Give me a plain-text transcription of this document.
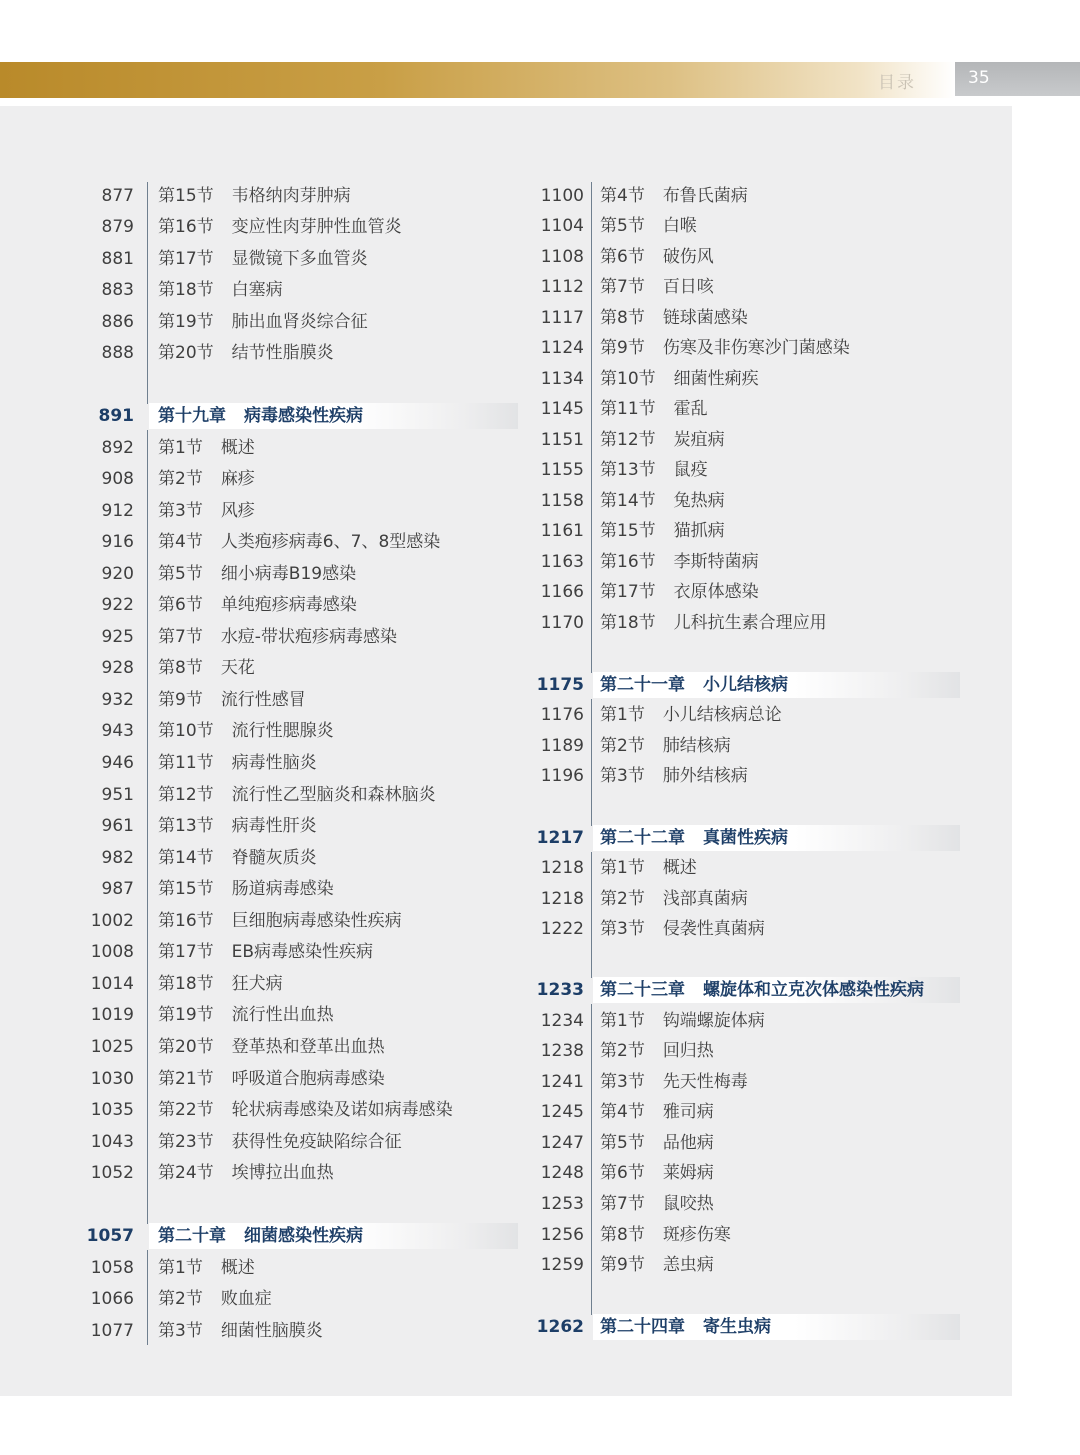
目录	35
877 第15节 韦格纳肉芽肿病
879 第16节 变应性肉芽肿性血管炎
881 第17节 显微镜下多血管炎
883 第18节 白塞病
886 第19节 肺出血肾炎综合征
888 第20节 结节性脂膜炎
891 第十九章 病毒感染性疾病
892 第1节 概述
908 第2节 麻疹
912 第3节 风疹
916 第4节 人类疱疹病毒6、7、8型感染
920 第5节 细小病毒B19感染
922 第6节 单纯疱疹病毒感染
925 第7节 水痘-带状疱疹病毒感染
928 第8节 天花
932 第9节 流行性感冒
943 第10节 流行性腮腺炎
946 第11节 病毒性脑炎
951 第12节 流行性乙型脑炎和森林脑炎
961 第13节 病毒性肝炎
982 第14节 脊髓灰质炎
987 第15节 肠道病毒感染
1002 第16节 巨细胞病毒感染性疾病
1008 第17节 EB病毒感染性疾病
1014 第18节 狂犬病
1019 第19节 流行性出血热
1025 第20节 登革热和登革出血热
1030 第21节 呼吸道合胞病毒感染
1035 第22节 轮状病毒感染及诺如病毒感染
1043 第23节 获得性免疫缺陷综合征
1052 第24节 埃博拉出血热
1057 第二十章 细菌感染性疾病
1058 第1节 概述
1066 第2节 败血症
1077 第3节 细菌性脑膜炎
1100 第4节 布鲁氏菌病
1104 第5节 白喉
1108 第6节 破伤风
1112 第7节 百日咳
1117 第8节 链球菌感染
1124 第9节 伤寒及非伤寒沙门菌感染
1134 第10节 细菌性痢疾
1145 第11节 霍乱
1151 第12节 炭疽病
1155 第13节 鼠疫
1158 第14节 兔热病
1161 第15节 猫抓病
1163 第16节 李斯特菌病
1166 第17节 衣原体感染
1170 第18节 儿科抗生素合理应用
1175 第二十一章 小儿结核病
1176 第1节 小儿结核病总论
1189 第2节 肺结核病
1196 第3节 肺外结核病
1217 第二十二章 真菌性疾病
1218 第1节 概述
1218 第2节 浅部真菌病
1222 第3节 侵袭性真菌病
1233 第二十三章 螺旋体和立克次体感染性疾病
1234 第1节 钩端螺旋体病
1238 第2节 回归热
1241 第3节 先天性梅毒
1245 第4节 雅司病
1247 第5节 品他病
1248 第6节 莱姆病
1253 第7节 鼠咬热
1256 第8节 斑疹伤寒
1259 第9节 恙虫病
1262 第二十四章 寄生虫病
